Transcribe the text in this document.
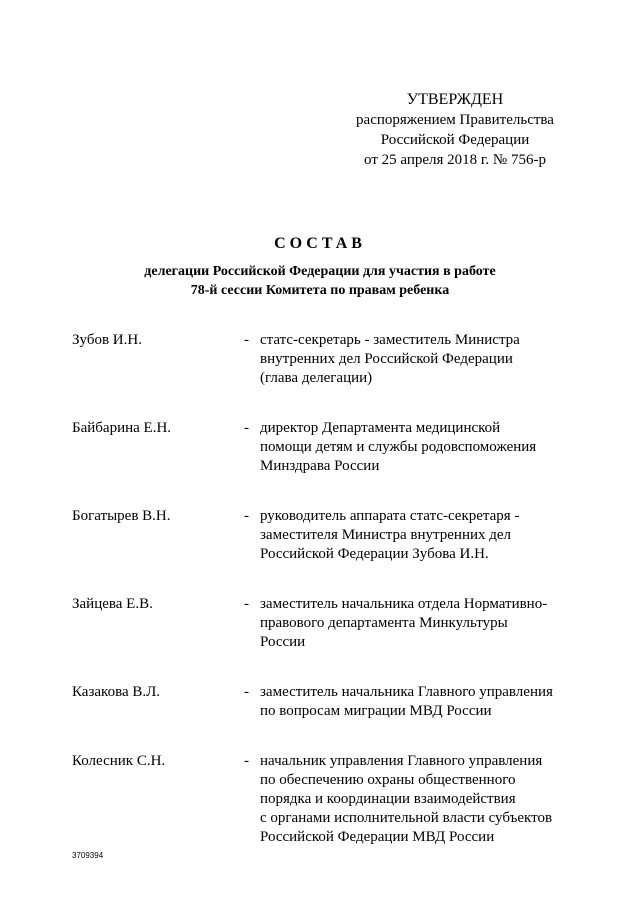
УТВЕРЖДЕН
распоряжением Правительства
Российской Федерации
от 25 апреля 2018 г. № 756-р
СОСТАВ
делегации Российской Федерации для участия в работе
78-й сессии Комитета по правам ребенка
Зубов И.Н.	- статс-секретарь - заместитель Министра
внутренних дел Российской Федерации
(глава делегации)
Байбарина Е.Н.	- директор Департамента медицинской
помощи детям и службы родовспоможения
Минздрава России
Богатырев В.Н.	- руководитель аппарата статс-секретаря -
заместителя Министра внутренних дел
Российской Федерации Зубова И.Н.
Зайцева Е.В.	- заместитель начальника отдела Нормативно-
правового департамента Минкультуры
России
Казакова В.Л.	- заместитель начальника Главного управления
по вопросам миграции МВД России
Колесник С.Н.	- начальник управления Главного управления
по обеспечению охраны общественного
порядка и координации взаимодействия
с органами исполнительной власти субъектов
Российской Федерации МВД России
3709394
